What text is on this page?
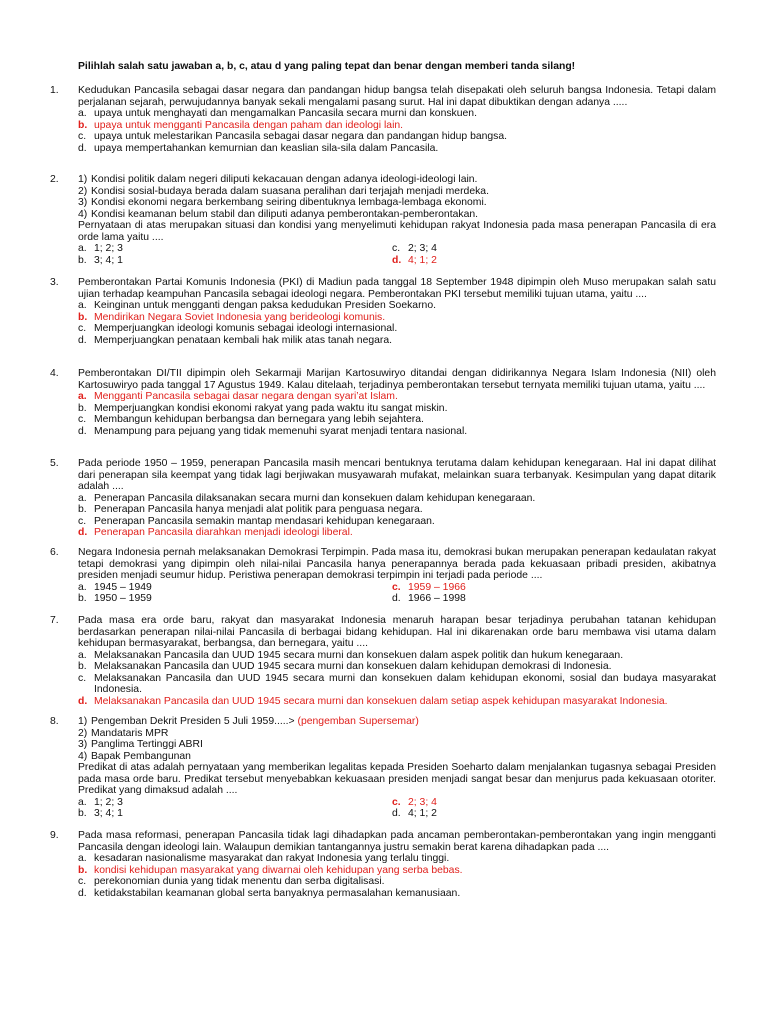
Pilihlah salah satu jawaban a, b, c, atau d yang paling tepat dan benar dengan memberi tanda silang!
1. Kedudukan Pancasila sebagai dasar negara dan pandangan hidup bangsa telah disepakati oleh seluruh bangsa Indonesia. Tetapi dalam perjalanan sejarah, perwujudannya banyak sekali mengalami pasang surut. Hal ini dapat dibuktikan dengan adanya .....

a. upaya untuk menghayati dan mengamalkan Pancasila secara murni dan konskuen.
b. upaya untuk mengganti Pancasila dengan paham dan ideologi lain.
c. upaya untuk melestarikan Pancasila sebagai dasar negara dan pandangan hidup bangsa.
d. upaya mempertahankan kemurnian dan keaslian sila-sila dalam Pancasila.
2. 1) Kondisi politik dalam negeri diliputi kekacauan dengan adanya ideologi-ideologi lain.
2) Kondisi sosial-budaya berada dalam suasana peralihan dari terjajah menjadi merdeka.
3) Kondisi ekonomi negara berkembang seiring dibentuknya lembaga-lembaga ekonomi.
4) Kondisi keamanan belum stabil dan diliputi adanya pemberontakan-pemberontakan.

Pernyataan di atas merupakan situasi dan kondisi yang menyelimuti kehidupan rakyat Indonesia pada masa penerapan Pancasila di era orde lama yaitu ....

a. 1; 2; 3	c. 2; 3; 4
b. 3; 4; 1	d. 4; 1; 2
3. Pemberontakan Partai Komunis Indonesia (PKI) di Madiun pada tanggal 18 September 1948 dipimpin oleh Muso merupakan salah satu ujian terhadap keampuhan Pancasila sebagai ideologi negara. Pemberontakan PKI tersebut memiliki tujuan utama, yaitu ....

a. Keinginan untuk mengganti dengan paksa kedudukan Presiden Soekarno.
b. Mendirikan Negara Soviet Indonesia yang berideologi komunis.
c. Memperjuangkan ideologi komunis sebagai ideologi internasional.
d. Memperjuangkan penataan kembali hak milik atas tanah negara.
4. Pemberontakan DI/TII dipimpin oleh Sekarmaji Marijan Kartosuwiryo ditandai dengan didirikannya Negara Islam Indonesia (NII) oleh Kartosuwiryo pada tanggal 17 Agustus 1949. Kalau ditelaah, terjadinya pemberontakan tersebut ternyata memiliki tujuan utama, yaitu ....

a. Mengganti Pancasila sebagai dasar negara dengan syari’at Islam.
b. Memperjuangkan kondisi ekonomi rakyat yang pada waktu itu sangat miskin.
c. Membangun kehidupan berbangsa dan bernegara yang lebih sejahtera.
d. Menampung para pejuang yang tidak memenuhi syarat menjadi tentara nasional.
5. Pada periode 1950 – 1959, penerapan Pancasila masih mencari bentuknya terutama dalam kehidupan kenegaraan. Hal ini dapat dilihat dari penerapan sila keempat yang tidak lagi berjiwakan musyawarah mufakat, melainkan suara terbanyak. Kesimpulan yang dapat ditarik adalah ....

a. Penerapan Pancasila dilaksanakan secara murni dan konsekuen dalam kehidupan kenegaraan.
b. Penerapan Pancasila hanya menjadi alat politik para penguasa negara.
c. Penerapan Pancasila semakin mantap mendasari kehidupan kenegaraan.
d. Penerapan Pancasila diarahkan menjadi ideologi liberal.
6. Negara Indonesia pernah melaksanakan Demokrasi Terpimpin. Pada masa itu, demokrasi bukan merupakan penerapan kedaulatan rakyat tetapi demokrasi yang dipimpin oleh nilai-nilai Pancasila hanya penerapannya berada pada kekuasaan pribadi presiden, akibatnya presiden menjadi seumur hidup. Peristiwa penerapan demokrasi terpimpin ini terjadi pada periode ....

a. 1945 – 1949	c. 1959 – 1966
b. 1950 – 1959	d. 1966 – 1998
7. Pada masa era orde baru, rakyat dan masyarakat Indonesia menaruh harapan besar terjadinya perubahan tatanan kehidupan berdasarkan penerapan nilai-nilai Pancasila di berbagai bidang kehidupan. Hal ini dikarenakan orde baru membawa visi utama dalam kehidupan bermasyarakat, berbangsa, dan bernegara, yaitu ....

a. Melaksanakan Pancasila dan UUD 1945 secara murni dan konsekuen dalam aspek politik dan hukum kenegaraan.
b. Melaksanakan Pancasila dan UUD 1945 secara murni dan konsekuen dalam kehidupan demokrasi di Indonesia.
c. Melaksanakan Pancasila dan UUD 1945 secara murni dan konsekuen dalam kehidupan ekonomi, sosial dan budaya masyarakat Indonesia.
d. Melaksanakan Pancasila dan UUD 1945 secara murni dan konsekuen dalam setiap aspek kehidupan masyarakat Indonesia.
8. 1) Pengemban Dekrit Presiden 5 Juli 1959.....> (pengemban Supersemar)
2) Mandataris MPR
3) Panglima Tertinggi ABRI
4) Bapak Pembangunan

Predikat di atas adalah pernyataan yang memberikan legalitas kepada Presiden Soeharto dalam menjalankan tugasnya sebagai Presiden pada masa orde baru. Predikat tersebut menyebabkan kekuasaan presiden menjadi sangat besar dan menjurus pada kekuasaan otoriter. Predikat yang dimaksud adalah ....

a. 1; 2; 3	c. 2; 3; 4
b. 3; 4; 1	d. 4; 1; 2
9. Pada masa reformasi, penerapan Pancasila tidak lagi dihadapkan pada ancaman pemberontakan-pemberontakan yang ingin mengganti Pancasila dengan ideologi lain. Walaupun demikian tantangannya justru semakin berat karena dihadapkan pada ....

a. kesadaran nasionalisme masyarakat dan rakyat Indonesia yang terlalu tinggi.
b. kondisi kehidupan masyarakat yang diwarnai oleh kehidupan yang serba bebas.
c. perekonomian dunia yang tidak menentu dan serba digitalisasi.
d. ketidakstabilan keamanan global serta banyaknya permasalahan kemanusiaan.
